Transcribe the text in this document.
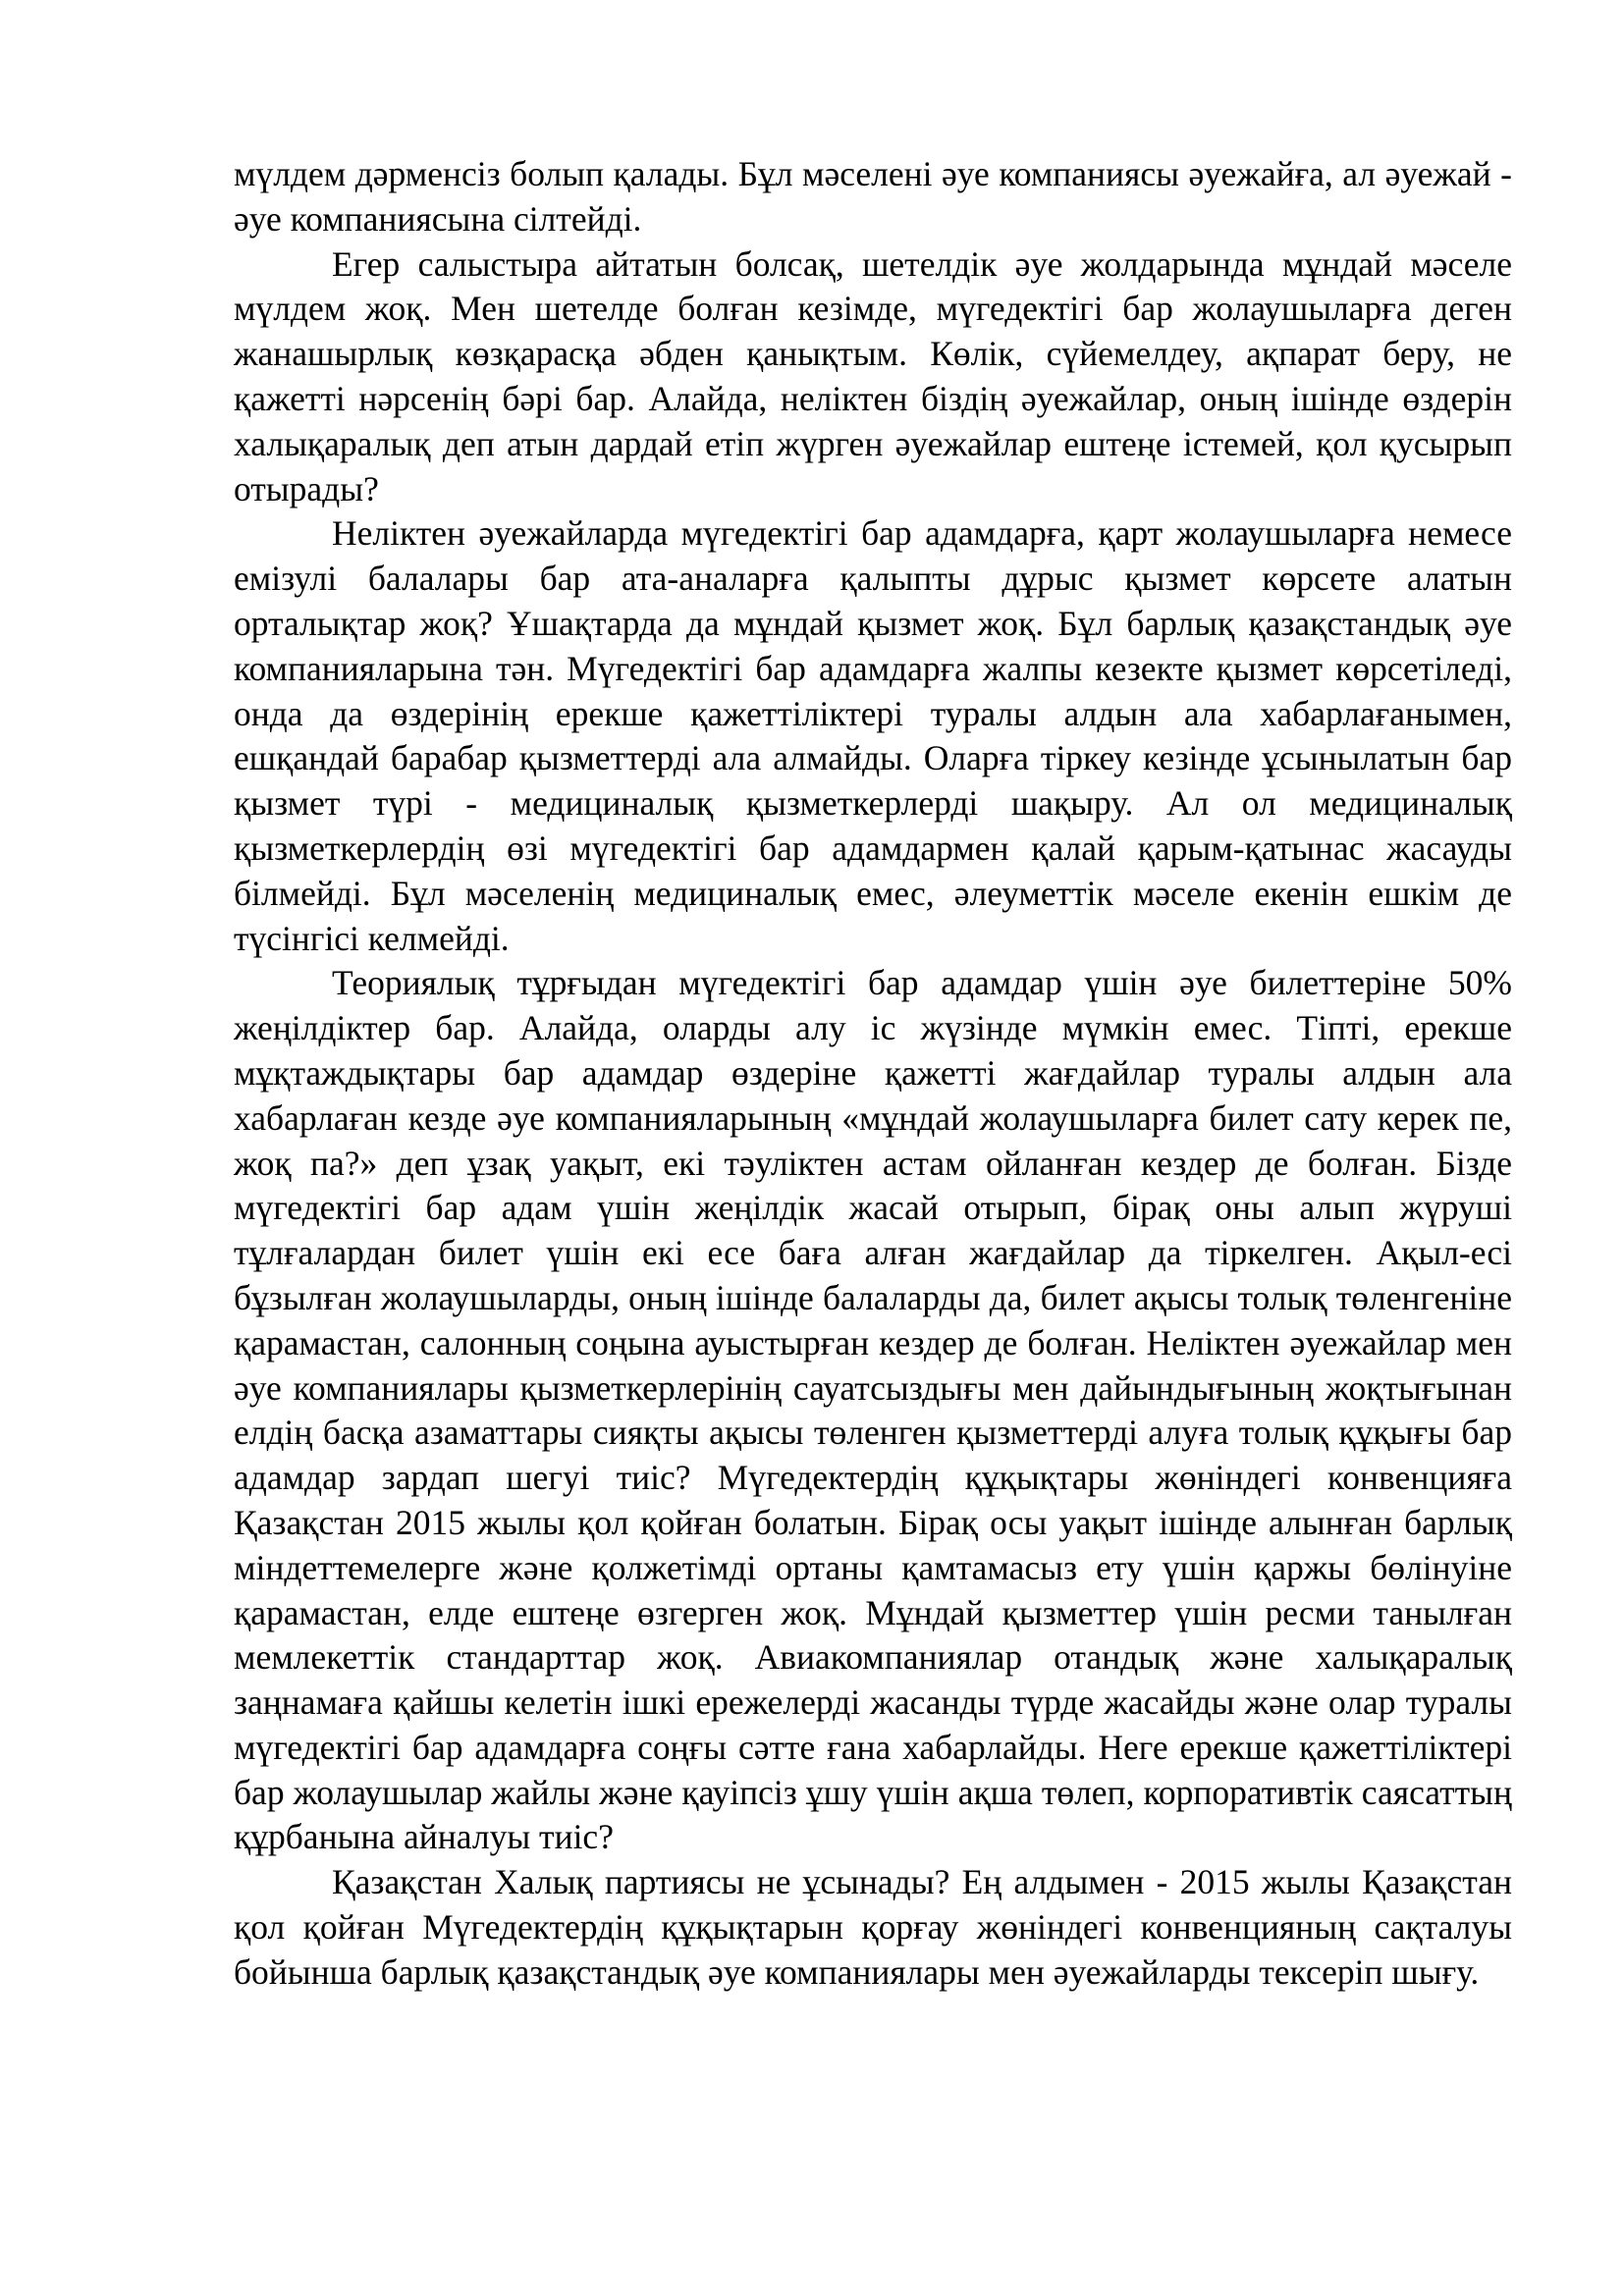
мүлдем дәрменсіз болып қалады. Бұл мәселені әуе компаниясы әуежайға, ал әуежай - әуе компаниясына сілтейді.

Егер салыстыра айтатын болсақ, шетелдік әуе жолдарында мұндай мәселе мүлдем жоқ. Мен шетелде болған кезімде, мүгедектігі бар жолаушыларға деген жанашырлық көзқарасқа әбден қанықтым. Көлік, сүйемелдеу, ақпарат беру, не қажетті нәрсенің бәрі бар. Алайда, неліктен біздің әуежайлар, оның ішінде өздерін халықаралық деп атын дардай етіп жүрген әуежайлар ештеңе істемей, қол қусырып отырады?

Неліктен әуежайларда мүгедектігі бар адамдарға, қарт жолаушыларға немесе емізулі балалары бар ата-аналарға қалыпты дұрыс қызмет көрсете алатын орталықтар жоқ? Ұшақтарда да мұндай қызмет жоқ. Бұл барлық қазақстандық әуе компанияларына тән. Мүгедектігі бар адамдарға жалпы кезекте қызмет көрсетіледі, онда да өздерінің ерекше қажеттіліктері туралы алдын ала хабарлағанымен, ешқандай барабар қызметтерді ала алмайды. Оларға тіркеу кезінде ұсынылатын бар қызмет түрі - медициналық қызметкерлерді шақыру. Ал ол медициналық қызметкерлердің өзі мүгедектігі бар адамдармен қалай қарым-қатынас жасауды білмейді. Бұл мәселенің медициналық емес, әлеуметтік мәселе екенін ешкім де түсінгісі келмейді.

Теориялық тұрғыдан мүгедектігі бар адамдар үшін әуе билеттеріне 50% жеңілдіктер бар. Алайда, оларды алу іс жүзінде мүмкін емес. Тіпті, ерекше мұқтаждықтары бар адамдар өздеріне қажетті жағдайлар туралы алдын ала хабарлаған кезде әуе компанияларының «мұндай жолаушыларға билет сату керек пе, жоқ па?» деп ұзақ уақыт, екі тәуліктен астам ойланған кездер де болған. Бізде мүгедектігі бар адам үшін жеңілдік жасай отырып, бірақ оны алып жүруші тұлғалардан билет үшін екі есе баға алған жағдайлар да тіркелген. Ақыл-есі бұзылған жолаушыларды, оның ішінде балаларды да, билет ақысы толық төленгеніне қарамастан, салонның соңына ауыстырған кездер де болған. Неліктен әуежайлар мен әуе компаниялары қызметкерлерінің сауатсыздығы мен дайындығының жоқтығынан елдің басқа азаматтары сияқты ақысы төленген қызметтерді алуға толық құқығы бар адамдар зардап шегуі тиіс? Мүгедектердің құқықтары жөніндегі конвенцияға Қазақстан 2015 жылы қол қойған болатын. Бірақ осы уақыт ішінде алынған барлық міндеттемелерге және қолжетімді ортаны қамтамасыз ету үшін қаржы бөлінуіне қарамастан, елде ештеңе өзгерген жоқ. Мұндай қызметтер үшін ресми танылған мемлекеттік стандарттар жоқ. Авиакомпаниялар отандық және халықаралық заңнамаға қайшы келетін ішкі ережелерді жасанды түрде жасайды және олар туралы мүгедектігі бар адамдарға соңғы сәтте ғана хабарлайды. Неге ерекше қажеттіліктері бар жолаушылар жайлы және қауіпсіз ұшу үшін ақша төлеп, корпоративтік саясаттың құрбанына айналуы тиіс?

Қазақстан Халық партиясы не ұсынады? Ең алдымен - 2015 жылы Қазақстан қол қойған Мүгедектердің құқықтарын қорғау жөніндегі конвенцияның сақталуы бойынша барлық қазақстандық әуе компаниялары мен әуежайларды тексеріп шығу.
